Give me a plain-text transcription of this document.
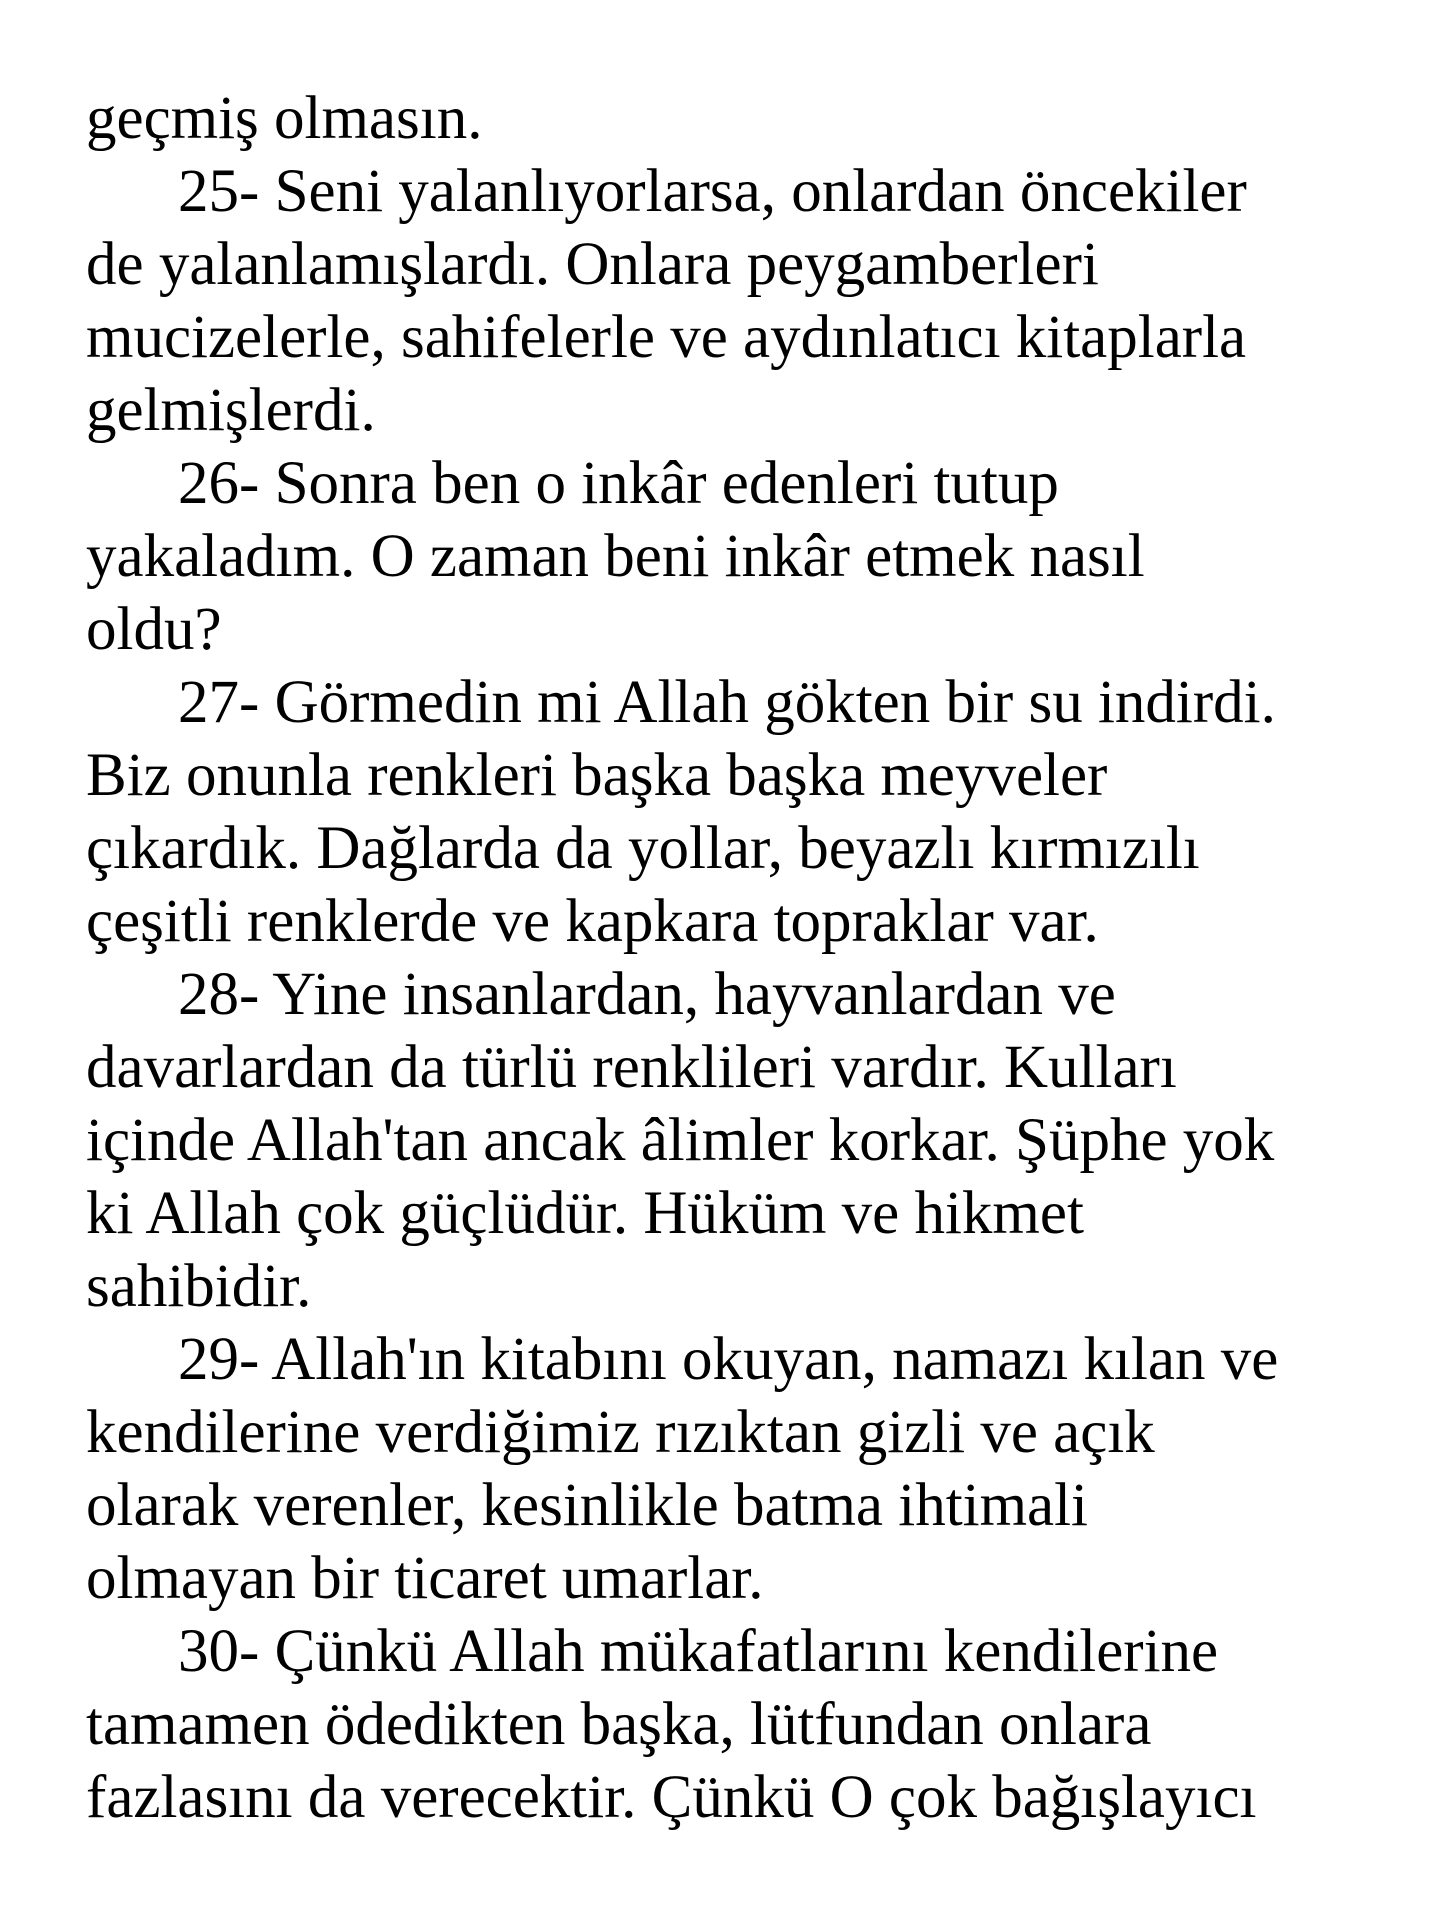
geçmiş olmasın.
25- Seni yalanlıyorlarsa, onlardan öncekiler
de yalanlamışlardı. Onlara peygamberleri
mucizelerle, sahifelerle ve aydınlatıcı kitaplarla
gelmişlerdi.
26- Sonra ben o inkâr edenleri tutup
yakaladım. O zaman beni inkâr etmek nasıl
oldu?
27- Görmedin mi Allah gökten bir su indirdi.
Biz onunla renkleri başka başka meyveler
çıkardık. Dağlarda da yollar, beyazlı kırmızılı
çeşitli renklerde ve kapkara topraklar var.
28- Yine insanlardan, hayvanlardan ve
davarlardan da türlü renklileri vardır. Kulları
içinde Allah'tan ancak âlimler korkar. Şüphe yok
ki Allah çok güçlüdür. Hüküm ve hikmet
sahibidir.
29- Allah'ın kitabını okuyan, namazı kılan ve
kendilerine verdiğimiz rızıktan gizli ve açık
olarak verenler, kesinlikle batma ihtimali
olmayan bir ticaret umarlar.
30- Çünkü Allah mükafatlarını kendilerine
tamamen ödedikten başka, lütfundan onlara
fazlasını da verecektir. Çünkü O çok bağışlayıcı
